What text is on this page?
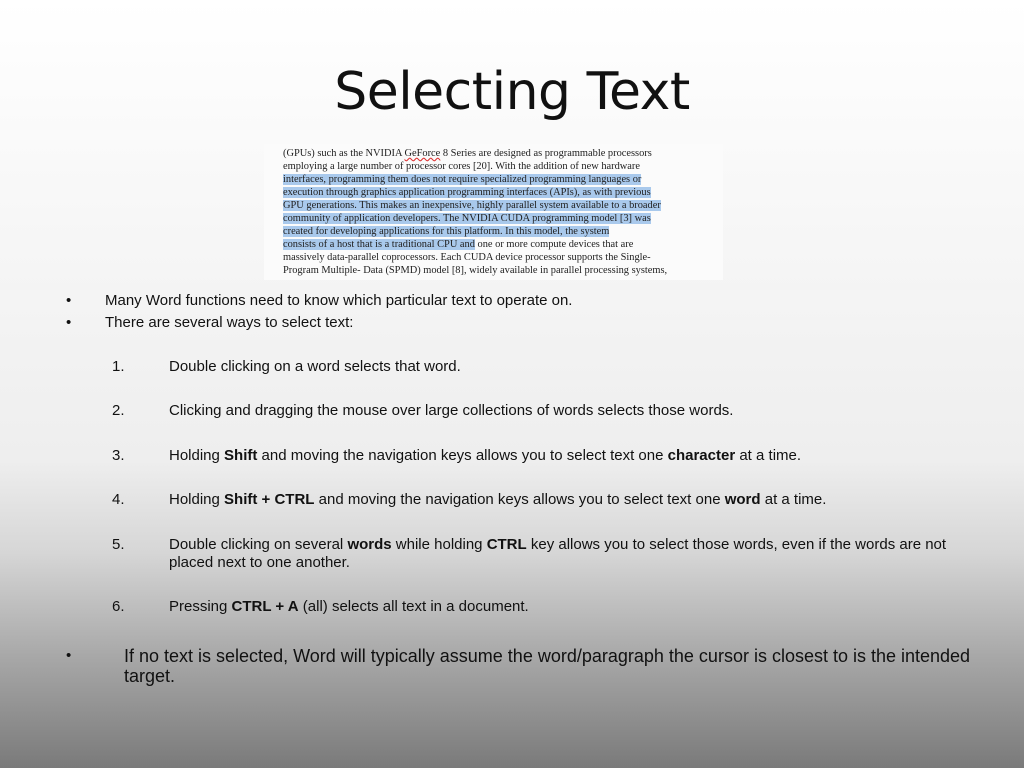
Selecting Text
(GPUs) such as the NVIDIA GeForce 8 Series are designed as programmable processors
employing a large number of processor cores [20]. With the addition of new hardware
interfaces, programming them does not require specialized programming languages or
execution through graphics application programming interfaces (APIs), as with previous
GPU generations. This makes an inexpensive, highly parallel system available to a broader
community of application developers. The NVIDIA CUDA programming model [3] was
created for developing applications for this platform. In this model, the system
consists of a host that is a traditional CPU and one or more compute devices that are
massively data-parallel coprocessors. Each CUDA device processor supports the Single-
Program Multiple- Data (SPMD) model [8], widely available in parallel processing systems,
• Many Word functions need to know which particular text to operate on.
• There are several ways to select text:
1.	Double clicking on a word selects that word.
2.	Clicking and dragging the mouse over large collections of words selects those words.
3.	Holding Shift and moving the navigation keys allows you to select text one character at a time.
4.	Holding Shift + CTRL and moving the navigation keys allows you to select text one word at a time.
5.	Double clicking on several words while holding CTRL key allows you to select those words, even if the words are not placed next to one another.
6.	Pressing CTRL + A (all) selects all text in a document.
•	If no text is selected, Word will typically assume the word/paragraph the cursor is closest to is the intended target.
